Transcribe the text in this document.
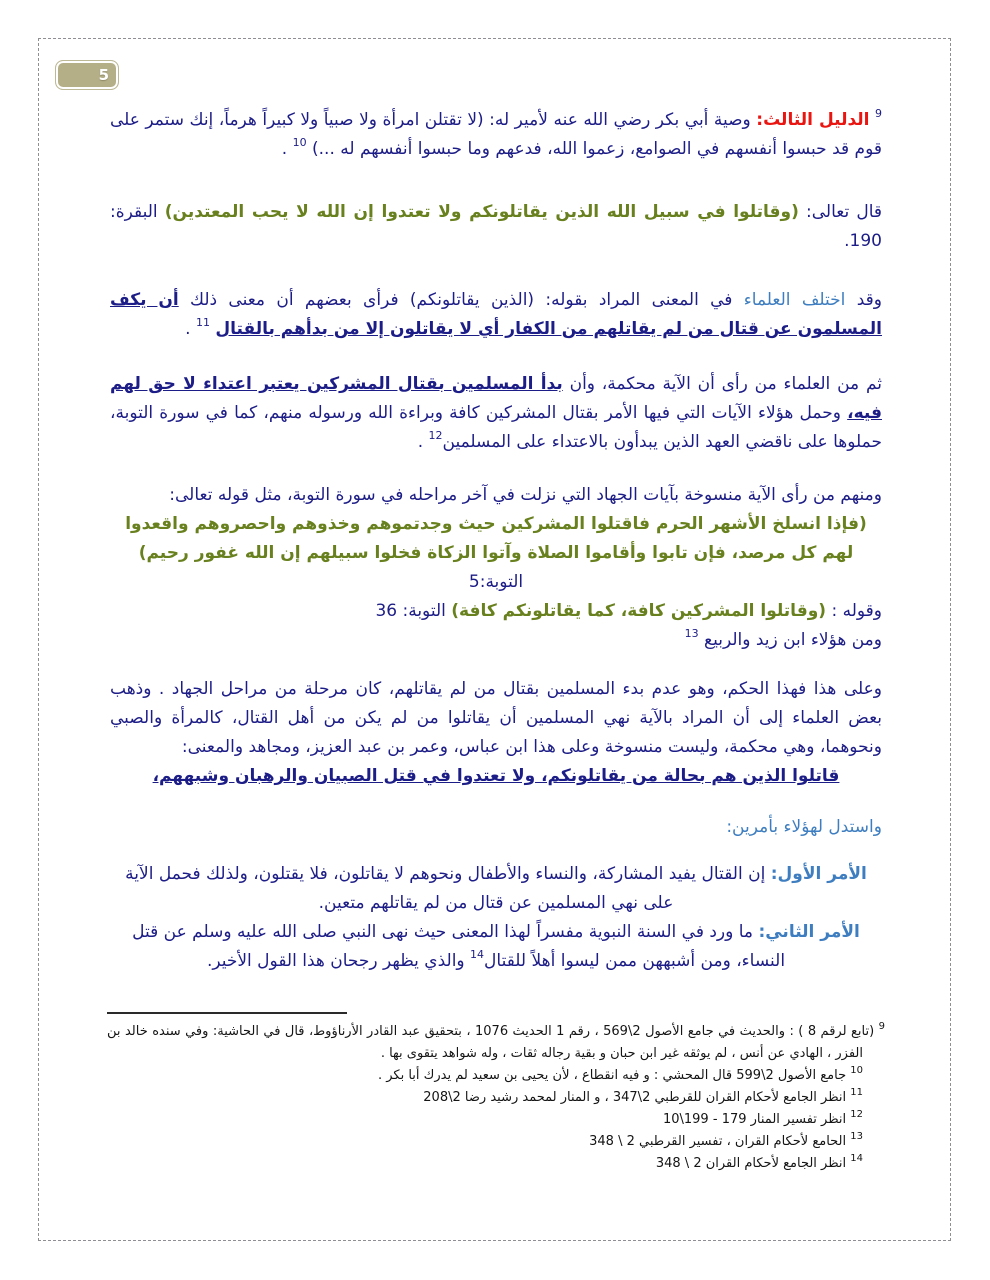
5

$^9$ الدليل الثالث: وصية أبي بكر رضي الله عنه لأمير له: (لا تقتلن امرأة ولا صبياً ولا كبيراً هرماً، إنك ستمر على قوم قد حبسوا أنفسهم في الصوامع، زعموا الله، فدعهم وما حبسوا أنفسهم له ...) $^{10}$ .

قال تعالى: (وقاتلوا في سبيل الله الذين يقاتلونكم ولا تعتدوا إن الله لا يحب المعتدين) البقرة: 190.

وقد اختلف العلماء في المعنى المراد بقوله: (الذين يقاتلونكم) فرأى بعضهم أن معنى ذلك أن يكف المسلمون عن قتال من لم يقاتلهم من الكفار أي لا يقاتلون إلا من بدأهم بالقتال $^{11}$ .

ثم من العلماء من رأى أن الآية محكمة، وأن بدأ المسلمين بقتال المشركين يعتبر اعتداء لا حق لهم فيه، وحمل هؤلاء الآيات التي فيها الأمر بقتال المشركين كافة وبراءة الله ورسوله منهم، كما في سورة التوبة، حملوها على ناقضي العهد الذين يبدأون بالاعتداء على المسلمين$^{12}$ .

ومنهم من رأى الآية منسوخة بآيات الجهاد التي نزلت في آخر مراحله في سورة التوبة، مثل قوله تعالى:

(فإذا انسلخ الأشهر الحرم فاقتلوا المشركين حيث وجدتموهم وخذوهم واحصروهم واقعدوا لهم كل مرصد، فإن تابوا وأقاموا الصلاة وآتوا الزكاة فخلوا سبيلهم إن الله غفور رحيم) التوبة:5

وقوله : (وقاتلوا المشركين كافة، كما يقاتلونكم كافة) التوبة: 36

ومن هؤلاء ابن زيد والربيع $^{13}$

وعلى هذا فهذا الحكم، وهو عدم بدء المسلمين بقتال من لم يقاتلهم، كان مرحلة من مراحل الجهاد . وذهب بعض العلماء إلى أن المراد بالآية نهي المسلمين أن يقاتلوا من لم يكن من أهل القتال، كالمرأة والصبي ونحوهما، وهي محكمة، وليست منسوخة وعلى هذا ابن عباس، وعمر بن عبد العزيز، ومجاهد والمعنى:

قاتلوا الذين هم بحالة من يقاتلونكم، ولا تعتدوا في قتل الصبيان والرهبان وشبههم،

واستدل لهؤلاء بأمرين:

الأمر الأول: إن القتال يفيد المشاركة، والنساء والأطفال ونحوهم لا يقاتلون، فلا يقتلون، ولذلك فحمل الآية على نهي المسلمين عن قتال من لم يقاتلهم متعين.

الأمر الثاني: ما ورد في السنة النبوية مفسراً لهذا المعنى حيث نهى النبي صلى الله عليه وسلم عن قتل النساء، ومن أشبههن ممن ليسوا أهلاً للقتال$^{14}$ والذي يظهر رجحان هذا القول الأخير.

$^9$ (تابع لرقم 8 ) : والحديث في جامع الأصول 2\569 ، رقم 1 الحديث 1076 ، بتحقيق عبد القادر الأرناؤوط، قال في الحاشية: وفي سنده خالد بن الفزر ، الهادي عن أنس ، لم يوثقه غير ابن حبان و بقية رجاله ثقات ، وله شواهد يتقوى بها .

$^{10}$ جامع الأصول 2\599 قال المحشي : و فيه انقطاع ، لأن يحيى بن سعيد لم يدرك أبا بكر .

$^{11}$ انظر الجامع لأحكام القران للقرطبي 2\347 ، و المنار لمحمد رشيد رضا 2\208

$^{12}$ انظر تفسير المنار 179 - 199\10

$^{13}$ الحامع لأحكام القران ، تفسير القرطبي 2 \ 348

$^{14}$ انظر الجامع لأحكام القران 2 \ 348
